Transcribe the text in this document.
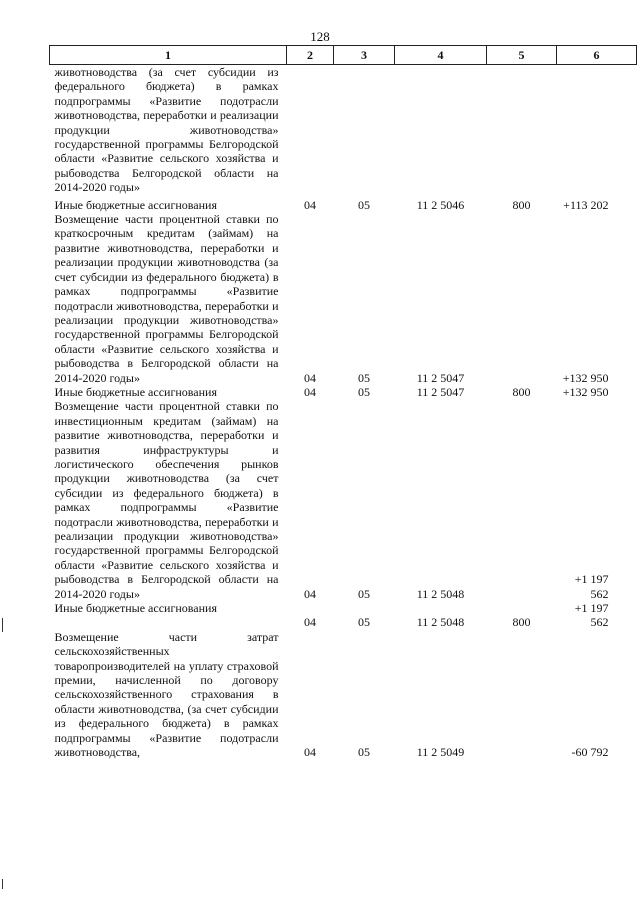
128
1	2	3	4	5	6
животноводства (за счет субсидии из федерального бюджета) в рамках подпрограммы «Развитие подотрасли животноводства, переработки и реализации продукции животноводства» государственной программы Белгородской области «Развитие сельского хозяйства и рыбоводства Белгородской области на 2014-2020 годы»					
Иные бюджетные ассигнования	04	05	11 2 5046	800	+113 202
Возмещение части процентной ставки по краткосрочным кредитам (займам) на развитие животноводства, переработки и реализации продукции животноводства (за счет субсидии из федерального бюджета) в рамках подпрограммы «Развитие подотрасли животноводства, переработки и реализации продукции животноводства» государственной программы Белгородской области «Развитие сельского хозяйства и рыбоводства в Белгородской области на 2014-2020 годы»	04	05	11 2 5047		+132 950
Иные бюджетные ассигнования	04	05	11 2 5047	800	+132 950
Возмещение части процентной ставки по инвестиционным кредитам (займам) на развитие животноводства, переработки и развития инфраструктуры и логистического обеспечения рынков продукции животноводства (за счет субсидии из федерального бюджета) в рамках подпрограммы «Развитие подотрасли животноводства, переработки и реализации продукции животноводства» государственной программы Белгородской области «Развитие сельского хозяйства и рыбоводства в Белгородской области на 2014-2020 годы»	04	05	11 2 5048		+1 197 562
Иные бюджетные ассигнования	04	05	11 2 5048	800	+1 197 562
Возмещение части затрат сельскохозяйственных товаропроизводителей на уплату страховой премии, начисленной по договору сельскохозяйственного страхования в области животноводства, (за счет субсидии из федерального бюджета) в рамках подпрограммы «Развитие подотрасли животноводства,	04	05	11 2 5049		-60 792
